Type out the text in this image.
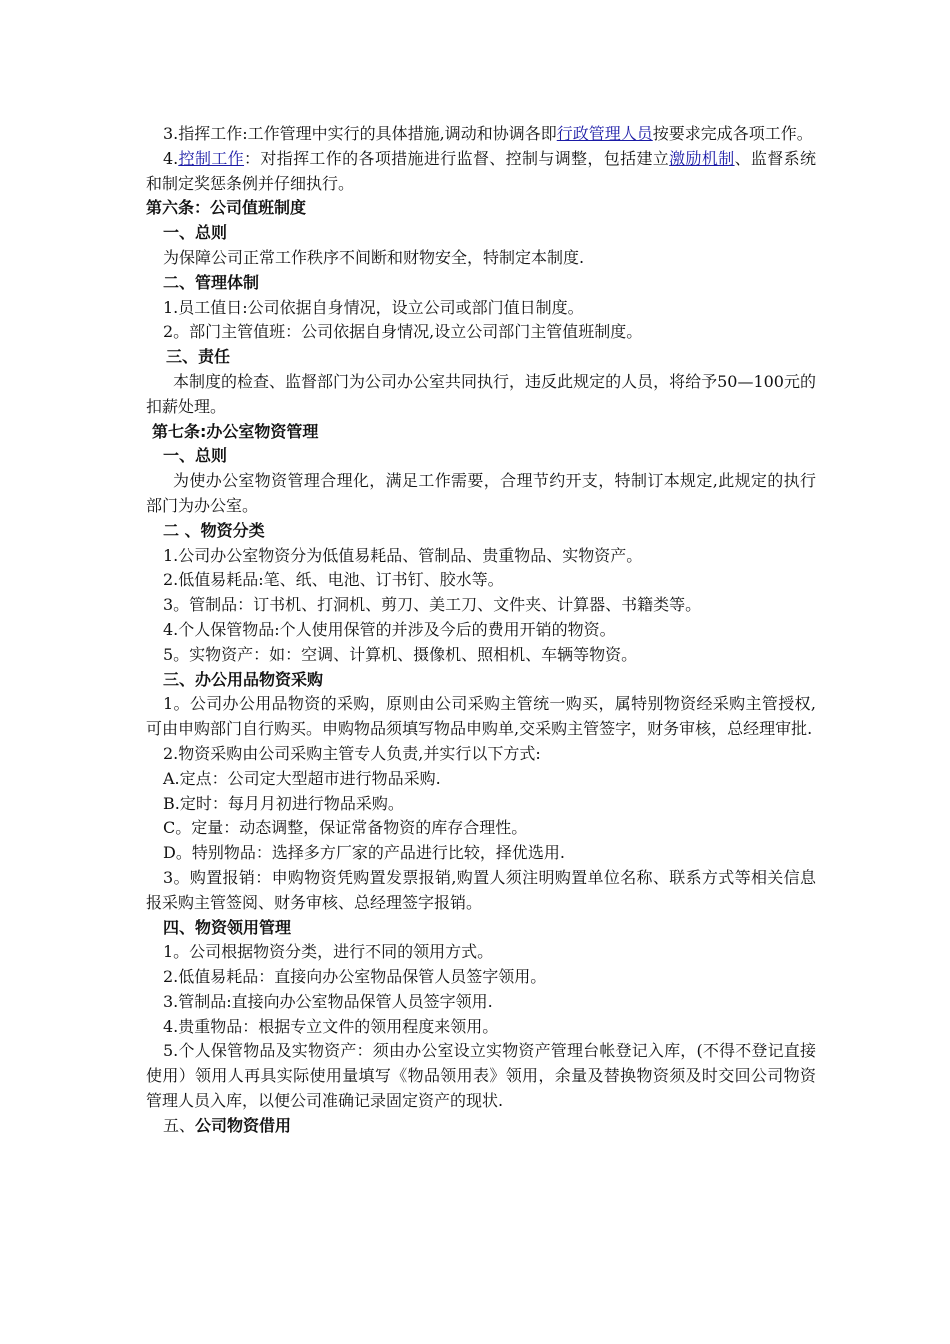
3.指挥工作:工作管理中实行的具体措施,调动和协调各即行政管理人员按要求完成各项工作。

4.控制工作：对指挥工作的各项措施进行监督、控制与调整，包括建立激励机制、监督系统和制定奖惩条例并仔细执行。

第六条：公司值班制度

一、总则

为保障公司正常工作秩序不间断和财物安全，特制定本制度.

二、管理体制

1.员工值日:公司依据自身情况，设立公司或部门值日制度。

2。部门主管值班：公司依据自身情况,设立公司部门主管值班制度。

三、责任

本制度的检查、监督部门为公司办公室共同执行，违反此规定的人员，将给予50—100元的扣薪处理。

第七条:办公室物资管理

一、总则

为使办公室物资管理合理化，满足工作需要，合理节约开支，特制订本规定,此规定的执行部门为办公室。

二 、物资分类

1.公司办公室物资分为低值易耗品、管制品、贵重物品、实物资产。

2.低值易耗品:笔、纸、电池、订书钉、胶水等。

3。管制品：订书机、打洞机、剪刀、美工刀、文件夹、计算器、书籍类等。

4.个人保管物品:个人使用保管的并涉及今后的费用开销的物资。

5。实物资产：如：空调、计算机、摄像机、照相机、车辆等物资。

三、办公用品物资采购

1。公司办公用品物资的采购，原则由公司采购主管统一购买，属特别物资经采购主管授权,可由申购部门自行购买。申购物品须填写物品申购单,交采购主管签字，财务审核，总经理审批.

2.物资采购由公司采购主管专人负责,并实行以下方式:

A.定点：公司定大型超市进行物品采购.

B.定时：每月月初进行物品采购。

C。定量：动态调整，保证常备物资的库存合理性。

D。特别物品：选择多方厂家的产品进行比较，择优选用.

3。购置报销：申购物资凭购置发票报销,购置人须注明购置单位名称、联系方式等相关信息报采购主管签阅、财务审核、总经理签字报销。

四、物资领用管理

1。公司根据物资分类，进行不同的领用方式。

2.低值易耗品：直接向办公室物品保管人员签字领用。

3.管制品:直接向办公室物品保管人员签字领用.

4.贵重物品：根据专立文件的领用程度来领用。

5.个人保管物品及实物资产：须由办公室设立实物资产管理台帐登记入库，(不得不登记直接使用）领用人再具实际使用量填写《物品领用表》领用，余量及替换物资须及时交回公司物资管理人员入库，以便公司准确记录固定资产的现状.

五、公司物资借用
